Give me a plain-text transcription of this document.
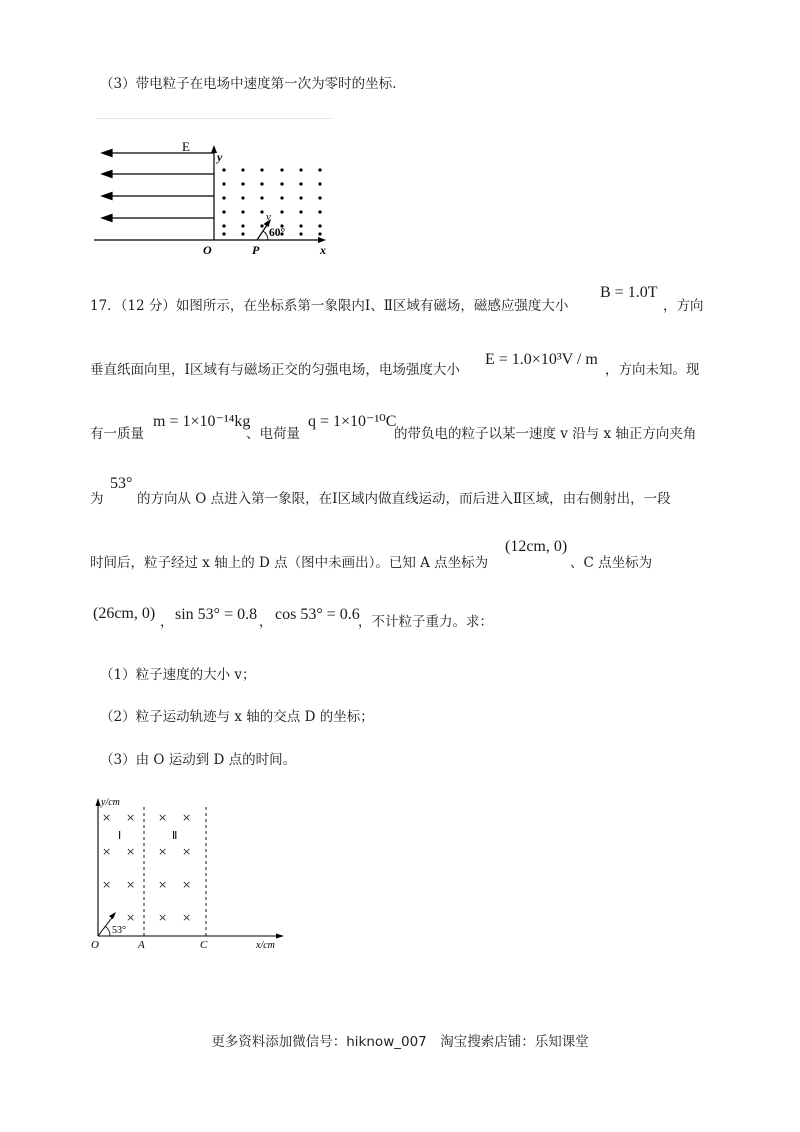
（3）带电粒子在电场中速度第一次为零时的坐标.
E
y
O	P	x
v
60°
17．（12 分）如图所示，在坐标系第一象限内Ⅰ、Ⅱ区域有磁场，磁感应强度大小
B = 1.0T
，方向
垂直纸面向里，Ⅰ区域有与磁场正交的匀强电场，电场强度大小
E = 1.0×10³V / m
，方向未知。现
有一质量
m = 1×10⁻¹⁴kg
、电荷量
q = 1×10⁻¹⁰C
的带负电的粒子以某一速度 v 沿与 x 轴正方向夹角
为
53°
的方向从 O 点进入第一象限，在Ⅰ区域内做直线运动，而后进入Ⅱ区域，由右侧射出，一段
时间后，粒子经过 x 轴上的 D 点（图中未画出）。已知 A 点坐标为
(12cm, 0)
、C 点坐标为
(26cm, 0) ， sin 53° = 0.8 ， cos 53° = 0.6
，不计粒子重力。求：
（1）粒子速度的大小 v；
（2）粒子运动轨迹与 x 轴的交点 D 的坐标；
（3）由 O 运动到 D 点的时间。
× × × ×
× × × ×
× × × ×
× × ×
y/cm
x/cm
O	A	C
Ⅰ	Ⅱ
53°
更多资料添加微信号：hiknow_007　淘宝搜索店铺：乐知课堂
